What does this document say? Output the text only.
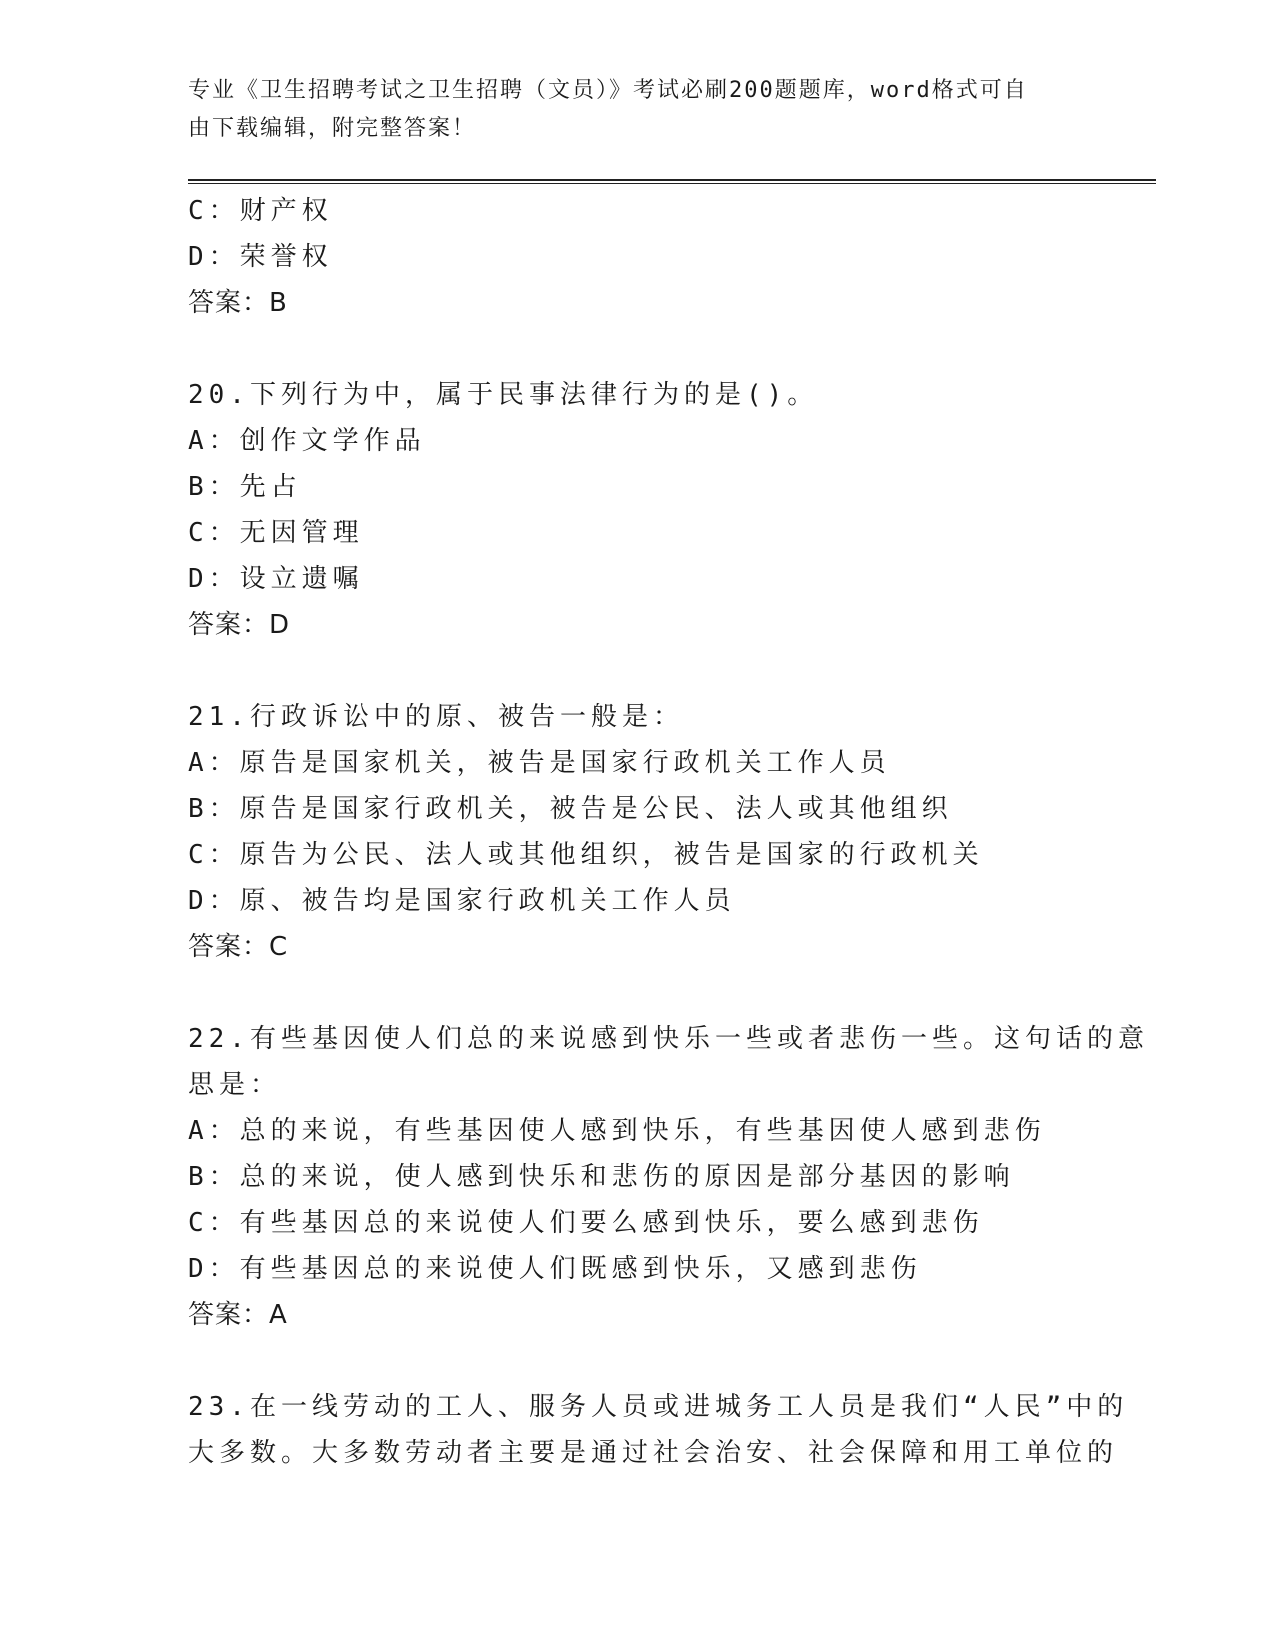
专业《卫生招聘考试之卫生招聘（文员）》考试必刷200题题库，word格式可自
由下载编辑，附完整答案！

C：财产权

D：荣誉权

答案：B

20.下列行为中，属于民事法律行为的是()。

A：创作文学作品

B：先占

C：无因管理

D：设立遗嘱

答案：D

21.行政诉讼中的原、被告一般是：

A：原告是国家机关，被告是国家行政机关工作人员

B：原告是国家行政机关，被告是公民、法人或其他组织

C：原告为公民、法人或其他组织，被告是国家的行政机关

D：原、被告均是国家行政机关工作人员

答案：C

22.有些基因使人们总的来说感到快乐一些或者悲伤一些。这句话的意

思是：

A：总的来说，有些基因使人感到快乐，有些基因使人感到悲伤

B：总的来说，使人感到快乐和悲伤的原因是部分基因的影响

C：有些基因总的来说使人们要么感到快乐，要么感到悲伤

D：有些基因总的来说使人们既感到快乐，又感到悲伤

答案：A

23.在一线劳动的工人、服务人员或进城务工人员是我们“人民”中的

大多数。大多数劳动者主要是通过社会治安、社会保障和用工单位的
